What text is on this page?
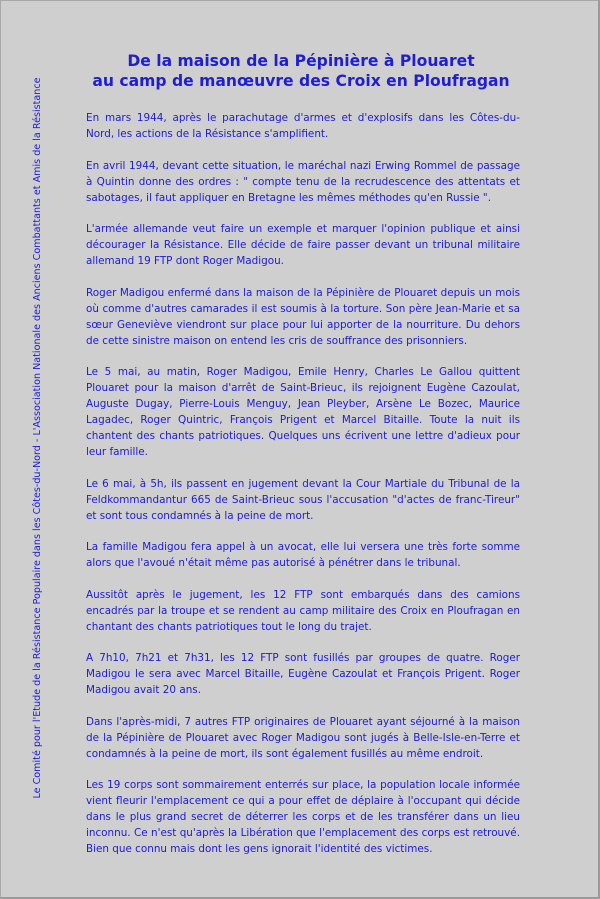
Le Comité pour l'Etude de la Résistance Populaire dans les Côtes-du-Nord - L'Association Nationale des Anciens Combattants et Amis de la Résistance
De la maison de la Pépinière à Plouaret
au camp de manœuvre des Croix en Ploufragan

En mars 1944, après le parachutage d'armes et d'explosifs dans les Côtes-du-Nord, les actions de la Résistance s'amplifient.

En avril 1944, devant cette situation, le maréchal nazi Erwing Rommel de passage à Quintin donne des ordres : " compte tenu de la recrudescence des attentats et sabotages, il faut appliquer en Bretagne les mêmes méthodes qu'en Russie ".

L'armée allemande veut faire un exemple et marquer l'opinion publique et ainsi décourager la Résistance. Elle décide de faire passer devant un tribunal militaire allemand 19 FTP dont Roger Madigou.

Roger Madigou enfermé dans la maison de la Pépinière de Plouaret depuis un mois où comme d'autres camarades il est soumis à la torture. Son père Jean-Marie et sa sœur Geneviève viendront sur place pour lui apporter de la nourriture. Du dehors de cette sinistre maison on entend les cris de souffrance des prisonniers.

Le 5 mai, au matin, Roger Madigou, Emile Henry, Charles Le Gallou quittent Plouaret pour la maison d'arrêt de Saint-Brieuc, ils rejoignent Eugène Cazoulat, Auguste Dugay, Pierre-Louis Menguy, Jean Pleyber, Arsène Le Bozec, Maurice Lagadec, Roger Quintric, François Prigent et Marcel Bitaille. Toute la nuit ils chantent des chants patriotiques. Quelques uns écrivent une lettre d'adieux pour leur famille.

Le 6 mai, à 5h, ils passent en jugement devant la Cour Martiale du Tribunal de la Feldkommandantur 665 de Saint-Brieuc sous l'accusation "d'actes de franc-Tireur" et sont tous condamnés à la peine de mort.

La famille Madigou fera appel à un avocat, elle lui versera une très forte somme alors que l'avoué n'était même pas autorisé à pénétrer dans le tribunal.

Aussitôt après le jugement, les 12 FTP sont embarqués dans des camions encadrés par la troupe et se rendent au camp militaire des Croix en Ploufragan en chantant des chants patriotiques tout le long du trajet.

A 7h10, 7h21 et 7h31, les 12 FTP sont fusillés par groupes de quatre. Roger Madigou le sera avec Marcel Bitaille, Eugène Cazoulat et François Prigent. Roger Madigou avait 20 ans.

Dans l'après-midi, 7 autres FTP originaires de Plouaret ayant séjourné à la maison de la Pépinière de Plouaret avec Roger Madigou sont jugés à Belle-Isle-en-Terre et condamnés à la peine de mort, ils sont également fusillés au même endroit.

Les 19 corps sont sommairement enterrés sur place, la population locale informée vient fleurir l'emplacement ce qui a pour effet de déplaire à l'occupant qui décide dans le plus grand secret de déterrer les corps et de les transférer dans un lieu inconnu. Ce n'est qu'après la Libération que l'emplacement des corps est retrouvé. Bien que connu mais dont les gens ignorait l'identité des victimes.
